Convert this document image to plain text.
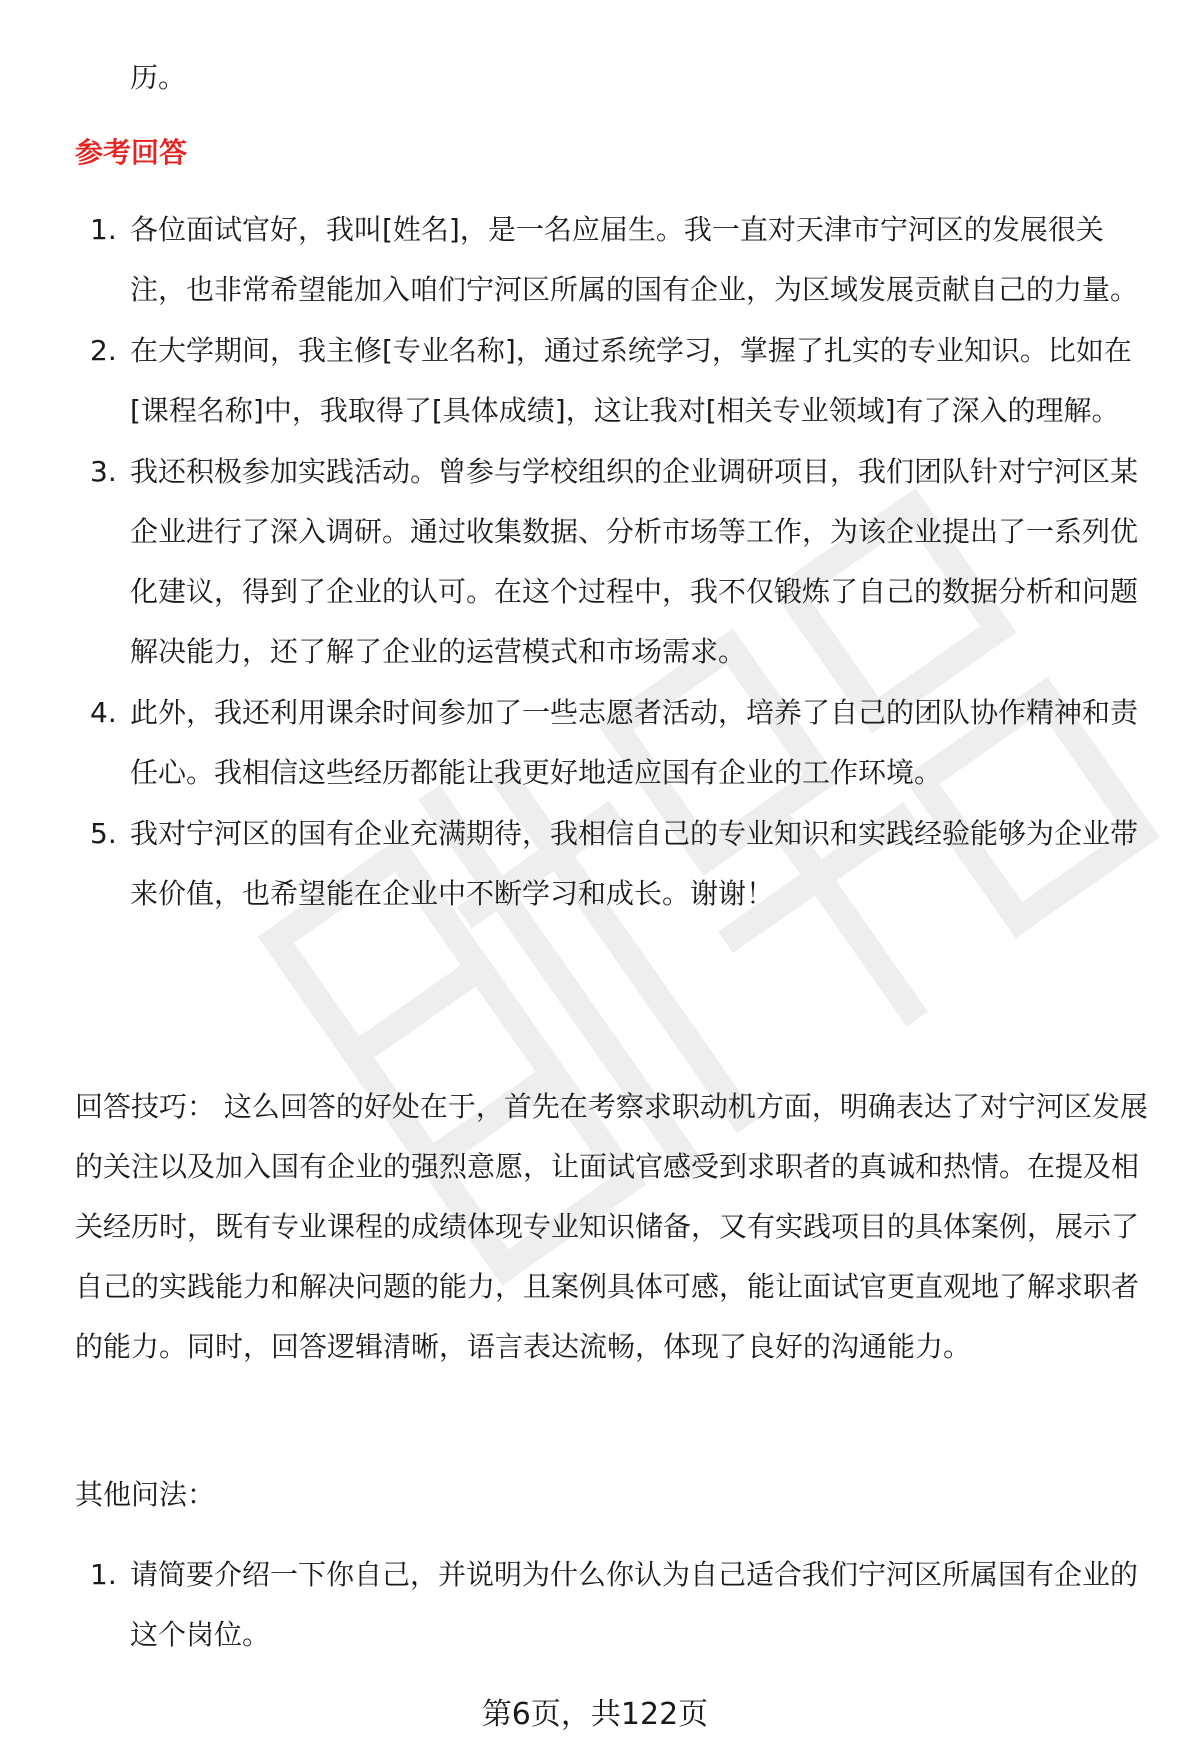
历。

参考回答
1. 各位面试官好，我叫[姓名]，是一名应届生。我一直对天津市宁河区的发展很关注，也非常希望能加入咱们宁河区所属的国有企业，为区域发展贡献自己的力量。
2. 在大学期间，我主修[专业名称]，通过系统学习，掌握了扎实的专业知识。比如在[课程名称]中，我取得了[具体成绩]，这让我对[相关专业领域]有了深入的理解。
3. 我还积极参加实践活动。曾参与学校组织的企业调研项目，我们团队针对宁河区某企业进行了深入调研。通过收集数据、分析市场等工作，为该企业提出了一系列优化建议，得到了企业的认可。在这个过程中，我不仅锻炼了自己的数据分析和问题解决能力，还了解了企业的运营模式和市场需求。
4. 此外，我还利用课余时间参加了一些志愿者活动，培养了自己的团队协作精神和责任心。我相信这些经历都能让我更好地适应国有企业的工作环境。
5. 我对宁河区的国有企业充满期待，我相信自己的专业知识和实践经验能够为企业带来价值，也希望能在企业中不断学习和成长。谢谢！

回答技巧： 这么回答的好处在于，首先在考察求职动机方面，明确表达了对宁河区发展的关注以及加入国有企业的强烈意愿，让面试官感受到求职者的真诚和热情。在提及相关经历时，既有专业课程的成绩体现专业知识储备，又有实践项目的具体案例，展示了自己的实践能力和解决问题的能力，且案例具体可感，能让面试官更直观地了解求职者的能力。同时，回答逻辑清晰，语言表达流畅，体现了良好的沟通能力。

其他问法：

1. 请简要介绍一下你自己，并说明为什么你认为自己适合我们宁河区所属国有企业的这个岗位。

第6页，共122页
